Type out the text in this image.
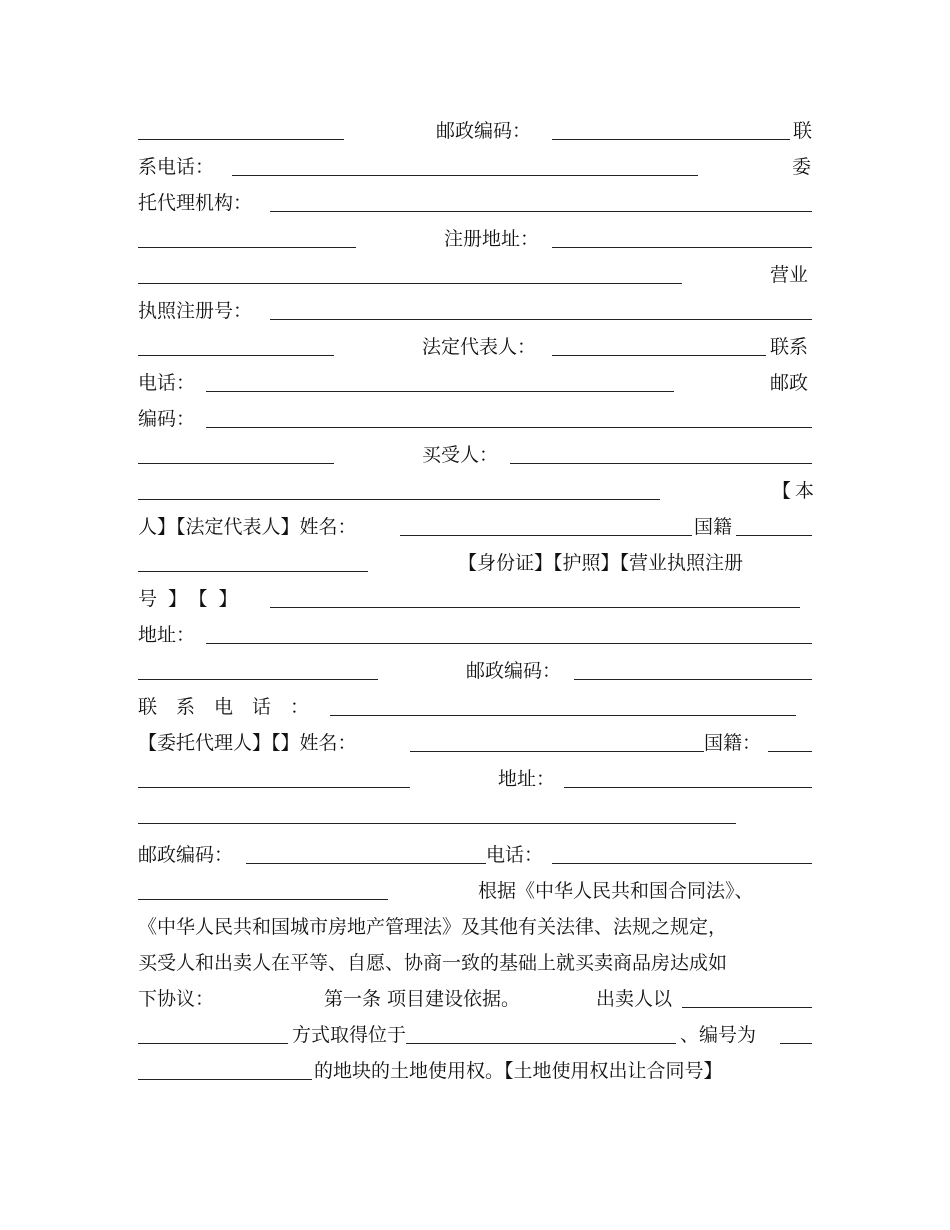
邮政编码：	联
系电话：	委
托代理机构：
注册地址：
营业
执照注册号：
法定代表人：	联系
电话：	邮政
编码：
买受人：
【本
人】【法定代表人】姓名：	国籍
【身份证】【护照】【营业执照注册
号】【】
地址：
邮政编码：
联系电话：
【委托代理人】【】姓名：	国籍：
地址：
邮政编码：	电话：
根据《中华人民共和国合同法》、
《中华人民共和国城市房地产管理法》及其他有关法律、法规之规定，
买受人和出卖人在平等、自愿、协商一致的基础上就买卖商品房达成如
下协议：	第一条 项目建设依据。	出卖人以
方式取得位于	、编号为
的地块的土地使用权。【土地使用权出让合同号】
